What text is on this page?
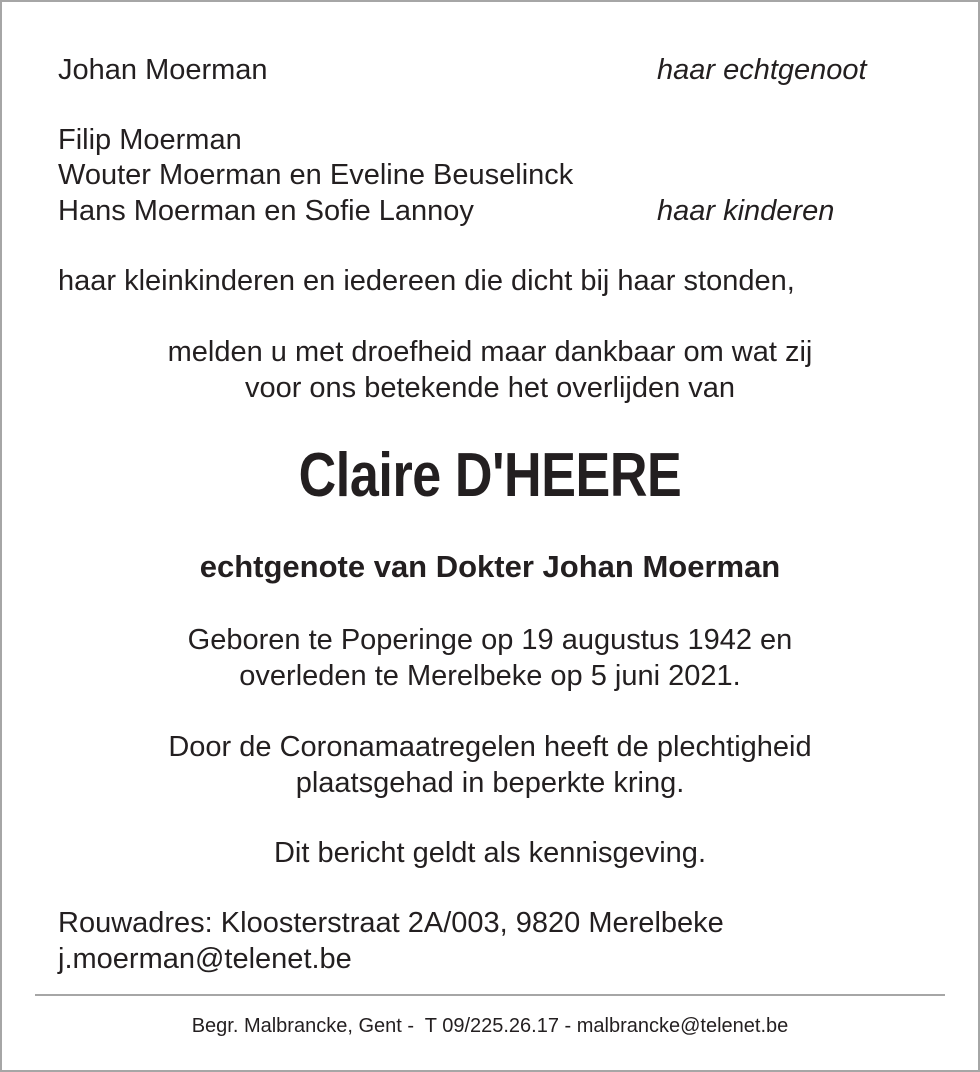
Johan Moerman	haar echtgenoot
Filip Moerman
Wouter Moerman en Eveline Beuselinck
Hans Moerman en Sofie Lannoy	haar kinderen
haar kleinkinderen en iedereen die dicht bij haar stonden,
melden u met droefheid maar dankbaar om wat zij
voor ons betekende het overlijden van
Claire D'HEERE
echtgenote van Dokter Johan Moerman
Geboren te Poperinge op 19 augustus 1942 en
overleden te Merelbeke op 5 juni 2021.
Door de Coronamaatregelen heeft de plechtigheid
plaatsgehad in beperkte kring.
Dit bericht geldt als kennisgeving.
Rouwadres: Kloosterstraat 2A/003, 9820 Merelbeke
j.moerman@telenet.be
Begr. Malbrancke, Gent -  T 09/225.26.17 - malbrancke@telenet.be
